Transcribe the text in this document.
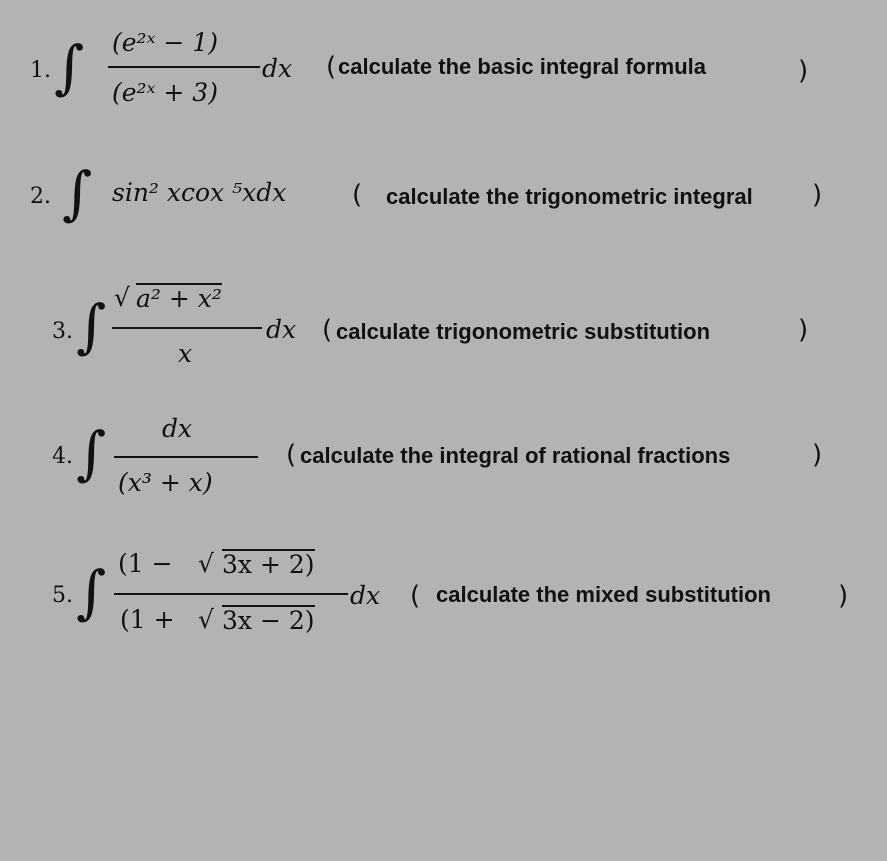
1. ∫ (e²ˣ − 1)
(e²ˣ + 3)
dx ( calculate the basic integral formula	)
2. ∫ sin² xcox ⁵xdx	( calculate the trigonometric integral )
3. ∫ √ a² + x²
x
dx ( calculate trigonometric substitution	)
4. ∫ dx
(x³ + x)
( calculate the integral of rational fractions	)
5. ∫ (1 − √ 3x + 2)
(1 + √ 3x − 2)
dx ( calculate the mixed substitution	)
